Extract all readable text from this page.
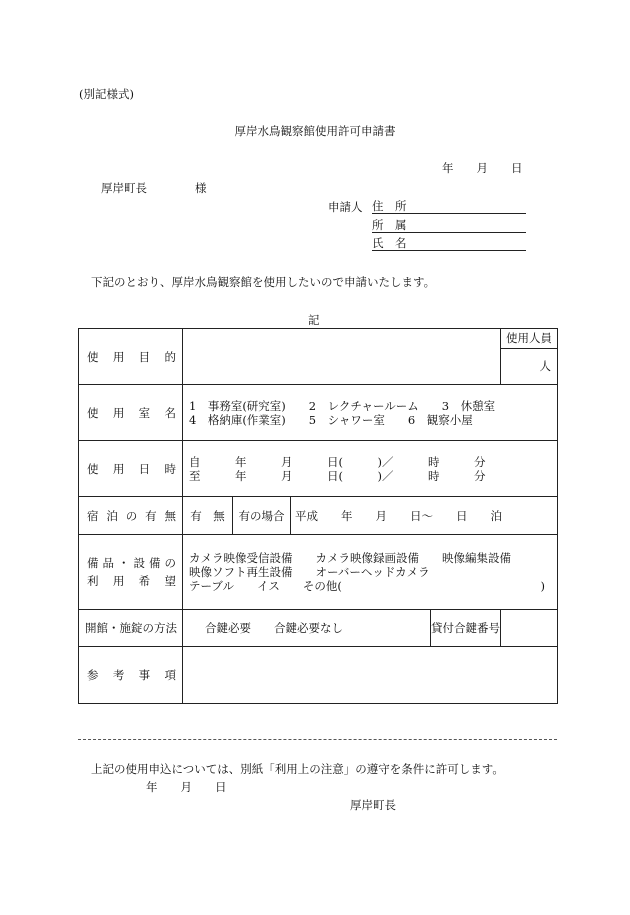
(別記様式)
厚岸水鳥観察館使用許可申請書
年　　月　　日
厚岸町長	様
申請人 住　所
所　属
氏　名
下記のとおり、厚岸水鳥観察館を使用したいので申請いたします。
記
使用目的					使用人員
人

使用室名	1　事務室(研究室)　　2　レクチャールーム　　3　休憩室
4　格納庫(作業室)　　5　シャワー室　　6　観察小屋				

使用日時	自　　　年　　　月　　　日(　　　)／　　　時　　　分
至　　　年　　　月　　　日(　　　)／　　　時　　　分				

宿泊の有無	有　無	有の場合	平成　　年　　月　　日〜　　日　　泊		

備品・設備の
利用希望	カメラ映像受信設備　　カメラ映像録画設備　　映像編集設備
映像ソフト再生設備　　オーバーヘッドカメラ
テーブル　　イス　　その他( )				

開館・施錠の方法	合鍵必要　　合鍵必要なし			貸付合鍵番号	
参考事項					
上記の使用申込については、別紙「利用上の注意」の遵守を条件に許可します。
年　　月　　日
厚岸町長
